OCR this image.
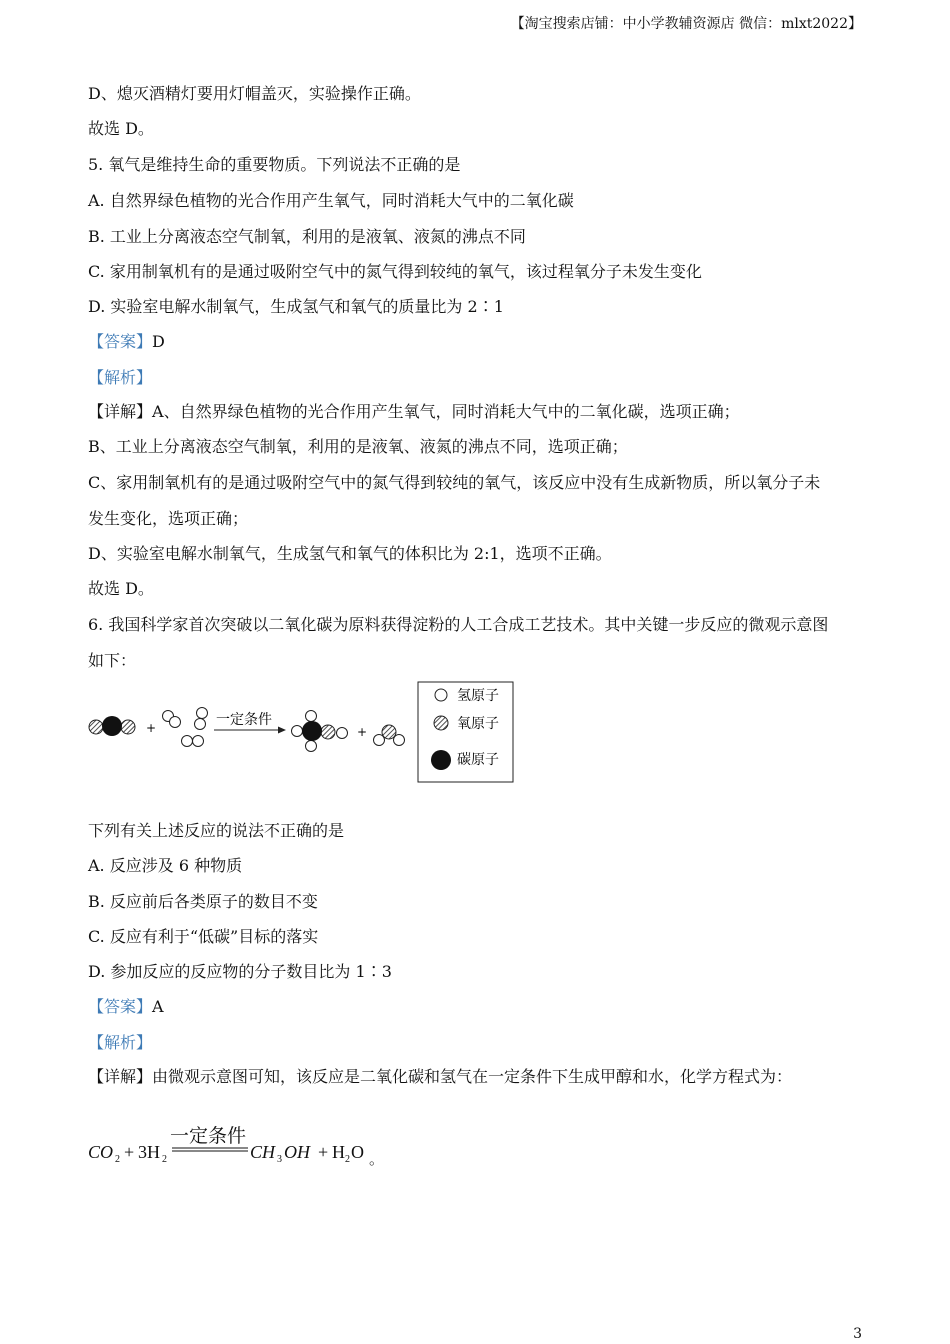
【淘宝搜索店铺：中小学教辅资源店 微信：mlxt2022】
D、熄灭酒精灯要用灯帽盖灭，实验操作正确。
故选 D。
5. 氧气是维持生命的重要物质。下列说法不正确的是
A. 自然界绿色植物的光合作用产生氧气，同时消耗大气中的二氧化碳
B. 工业上分离液态空气制氧，利用的是液氧、液氮的沸点不同
C. 家用制氧机有的是通过吸附空气中的氮气得到较纯的氧气，该过程氧分子未发生变化
D. 实验室电解水制氧气，生成氢气和氧气的质量比为 2∶1
【答案】D
【解析】
【详解】A、自然界绿色植物的光合作用产生氧气，同时消耗大气中的二氧化碳，选项正确；
B、工业上分离液态空气制氧，利用的是液氧、液氮的沸点不同，选项正确；
C、家用制氧机有的是通过吸附空气中的氮气得到较纯的氧气，该反应中没有生成新物质，所以氧分子未
发生变化，选项正确；
D、实验室电解水制氧气，生成氢气和氧气的体积比为 2:1，选项不正确。
故选 D。
6. 我国科学家首次突破以二氧化碳为原料获得淀粉的人工合成工艺技术。其中关键一步反应的微观示意图
如下：
+	一定条件
+
氢原子
氧原子
碳原子
下列有关上述反应的说法不正确的是
A. 反应涉及 6 种物质
B. 反应前后各类原子的数目不变
C. 反应有利于“低碳”目标的落实
D. 参加反应的反应物的分子数目比为 1∶3
【答案】A
【解析】
【详解】由微观示意图可知，该反应是二氧化碳和氢气在一定条件下生成甲醇和水，化学方程式为：
CO 2 + 3H 2
一定条件
CH 3 OH + H 2 O 。
3
